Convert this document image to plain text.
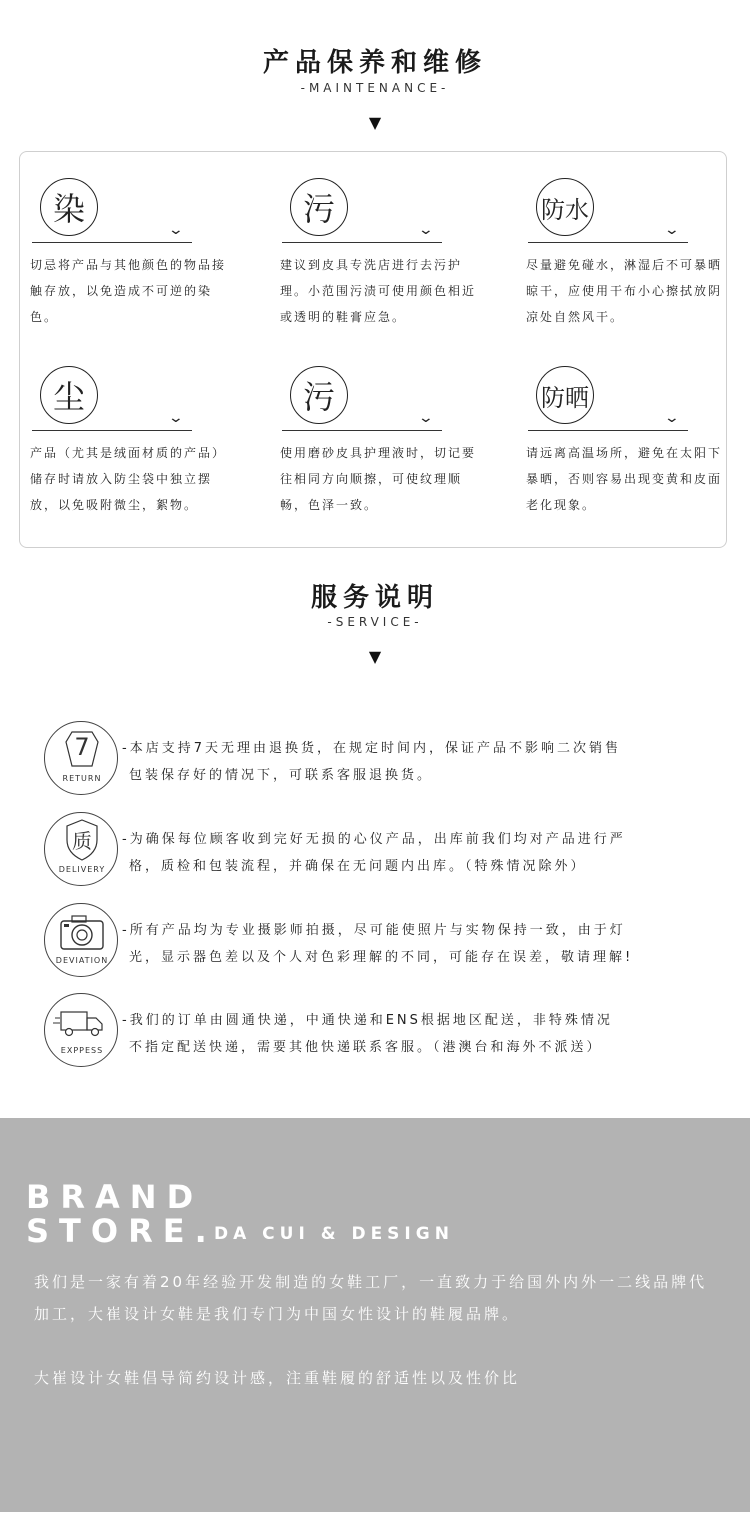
产品保养和维修
-MAINTENANCE-
▼
染
⌄
切忌将产品与其他颜色的物品接触存放，以免造成不可逆的染色。
污
⌄
建议到皮具专洗店进行去污护理。小范围污渍可使用颜色相近或透明的鞋膏应急。
防水
⌄
尽量避免碰水，淋湿后不可暴晒晾干，应使用干布小心擦拭放阴凉处自然风干。
尘
⌄
产品（尤其是绒面材质的产品）储存时请放入防尘袋中独立摆放，以免吸附微尘，絮物。
污
⌄
使用磨砂皮具护理液时，切记要往相同方向顺擦，可使纹理顺畅，色泽一致。
防晒
⌄
请远离高温场所，避免在太阳下暴晒，否则容易出现变黄和皮面老化现象。
服务说明
-SERVICE-
▼
7
RETURN
-本店支持7天无理由退换货，在规定时间内，保证产品不影响二次销售
包装保存好的情况下，可联系客服退换货。
质
DELIVERY
-为确保每位顾客收到完好无损的心仪产品，出库前我们均对产品进行严
格，质检和包装流程，并确保在无问题内出库。（特殊情况除外）
DEVIATION
-所有产品均为专业摄影师拍摄，尽可能使照片与实物保持一致，由于灯
光，显示器色差以及个人对色彩理解的不同，可能存在误差，敬请理解!
EXPPESS
-我们的订单由圆通快递，中通快递和ENS根据地区配送，非特殊情况
不指定配送快递，需要其他快递联系客服。（港澳台和海外不派送）
BRAND
STORE.
DA CUI & DESIGN
我们是一家有着20年经验开发制造的女鞋工厂，一直致力于给国外内外一二线品牌代
加工，大崔设计女鞋是我们专门为中国女性设计的鞋履品牌。
大崔设计女鞋倡导简约设计感，注重鞋履的舒适性以及性价比
